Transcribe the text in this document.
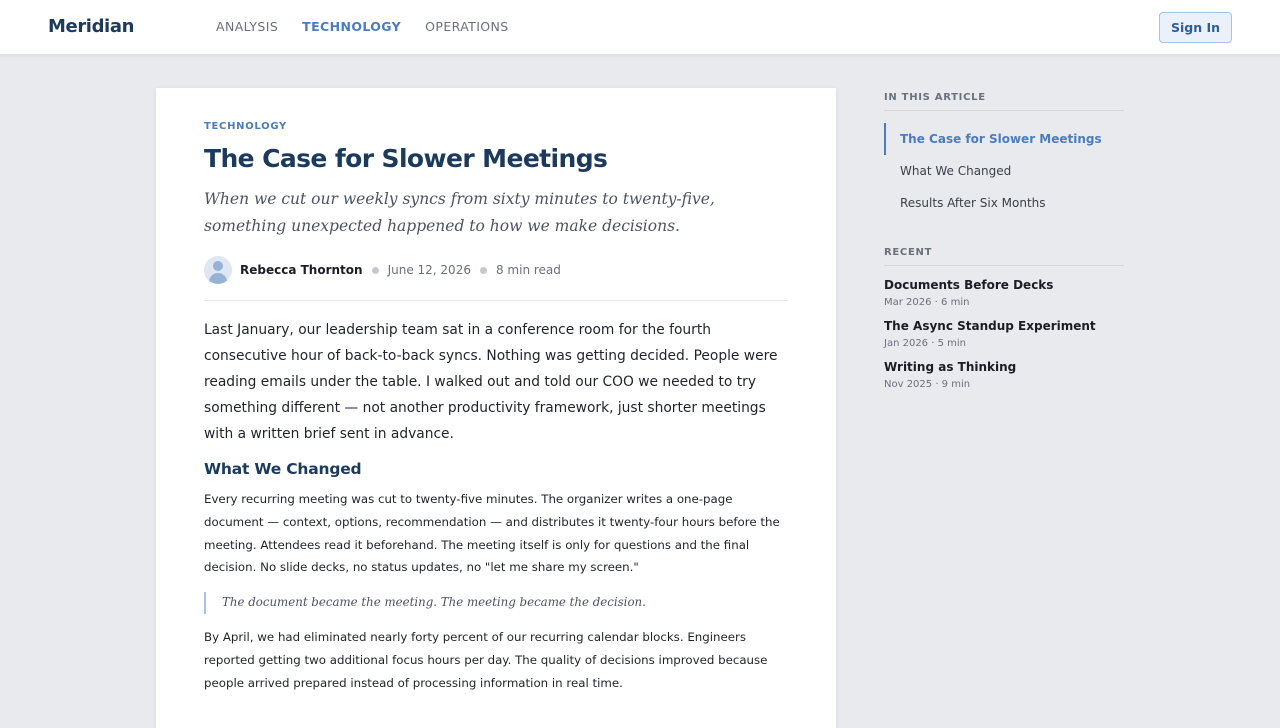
Meridian	ANALYSIS TECHNOLOGY OPERATIONS	Sign In
TECHNOLOGY
The Case for Slower Meetings

When we cut our weekly syncs from sixty minutes to twenty-five, something unexpected happened to how we make decisions.

Rebecca Thornton June 12, 2026 8 min read

Last January, our leadership team sat in a conference room for the fourth consecutive hour of back-to-back syncs. Nothing was getting decided. People were reading emails under the table. I walked out and told our COO we needed to try something different — not another productivity framework, just shorter meetings with a written brief sent in advance.

What We Changed

Every recurring meeting was cut to twenty-five minutes. The organizer writes a one-page document — context, options, recommendation — and distributes it twenty-four hours before the meeting. Attendees read it beforehand. The meeting itself is only for questions and the final decision. No slide decks, no status updates, no "let me share my screen."

The document became the meeting. The meeting became the decision.

By April, we had eliminated nearly forty percent of our recurring calendar blocks. Engineers reported getting two additional focus hours per day. The quality of decisions improved because people arrived prepared instead of processing information in real time.

IN THIS ARTICLE
The Case for Slower Meetings
What We Changed
Results After Six Months
RECENT
Documents Before Decks
Mar 2026 · 6 min
The Async Standup Experiment
Jan 2026 · 5 min
Writing as Thinking
Nov 2025 · 9 min
